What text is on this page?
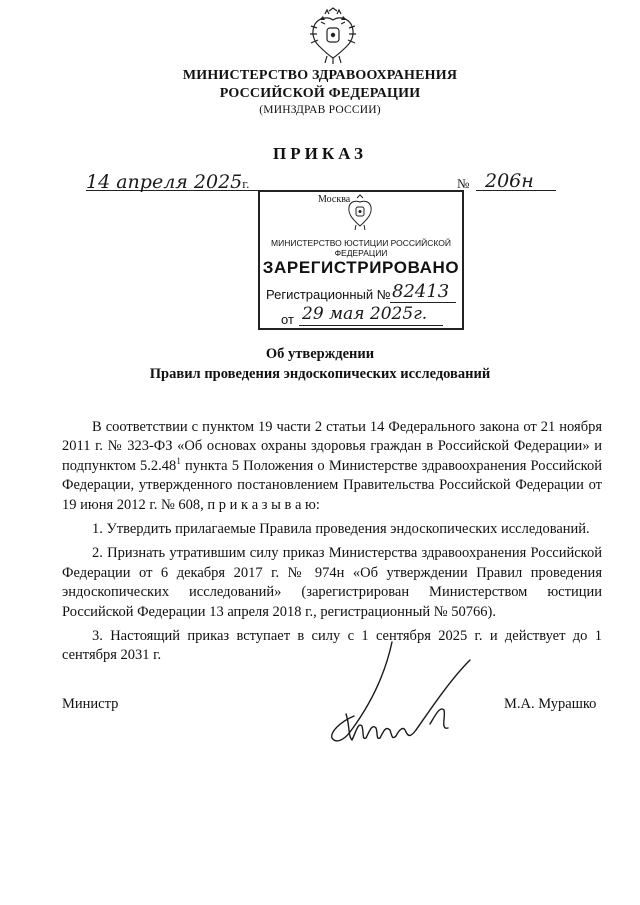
МИНИСТЕРСТВО ЗДРАВООХРАНЕНИЯ
РОССИЙСКОЙ ФЕДЕРАЦИИ
(МИНЗДРАВ РОССИИ)
ПРИКАЗ
14 апреля 2025г.	№ 206н
Москва
МИНИСТЕРСТВО ЮСТИЦИИ РОССИЙСКОЙ ФЕДЕРАЦИИ
ЗАРЕГИСТРИРОВАНО
Регистрационный № 82413
от 29 мая 2025г.
Об утверждении
Правил проведения эндоскопических исследований

В соответствии с пунктом 19 части 2 статьи 14 Федерального закона от 21 ноября 2011 г. № 323-ФЗ «Об основах охраны здоровья граждан в Российской Федерации» и подпунктом 5.2.48$^1$ пункта 5 Положения о Министерстве здравоохранения Российской Федерации, утвержденного постановлением Правительства Российской Федерации от 19 июня 2012 г. № 608, п р и к а з ы в а ю:

1. Утвердить прилагаемые Правила проведения эндоскопических исследований.

2. Признать утратившим силу приказ Министерства здравоохранения Российской Федерации от 6 декабря 2017 г. № 974н «Об утверждении Правил проведения эндоскопических исследований» (зарегистрирован Министерством юстиции Российской Федерации 13 апреля 2018 г., регистрационный № 50766).

3. Настоящий приказ вступает в силу с 1 сентября 2025 г. и действует до 1 сентября 2031 г.

Министр	М.А. Мурашко
